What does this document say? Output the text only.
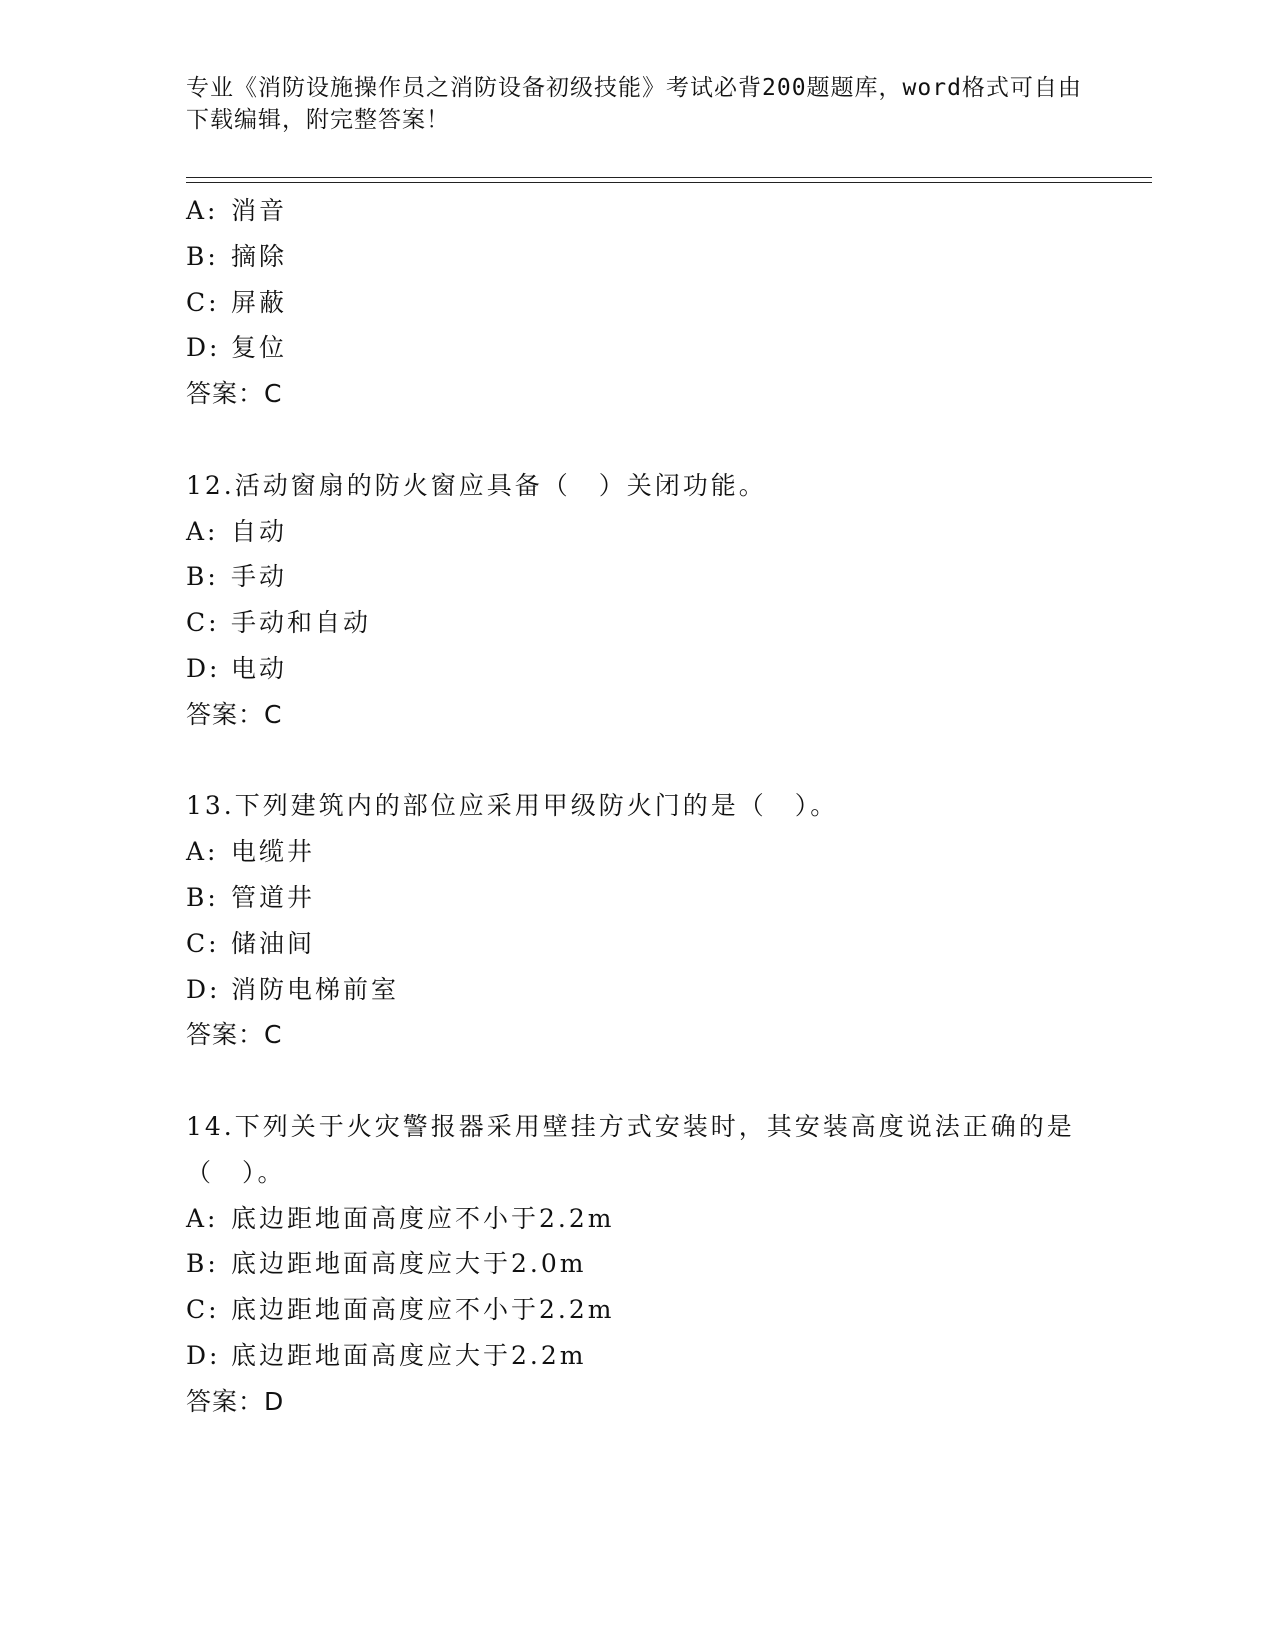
专业《消防设施操作员之消防设备初级技能》考试必背200题题库，word格式可自由下载编辑，附完整答案！
A: 消音
B: 摘除
C: 屏蔽
D: 复位
答案：C
12.活动窗扇的防火窗应具备（　）关闭功能。
A: 自动
B: 手动
C: 手动和自动
D: 电动
答案：C
13.下列建筑内的部位应采用甲级防火门的是（　）。
A: 电缆井
B: 管道井
C: 储油间
D: 消防电梯前室
答案：C
14.下列关于火灾警报器采用壁挂方式安装时，其安装高度说法正确的是（　）。
A: 底边距地面高度应不小于2.2m
B: 底边距地面高度应大于2.0m
C: 底边距地面高度应不小于2.2m
D: 底边距地面高度应大于2.2m
答案：D
